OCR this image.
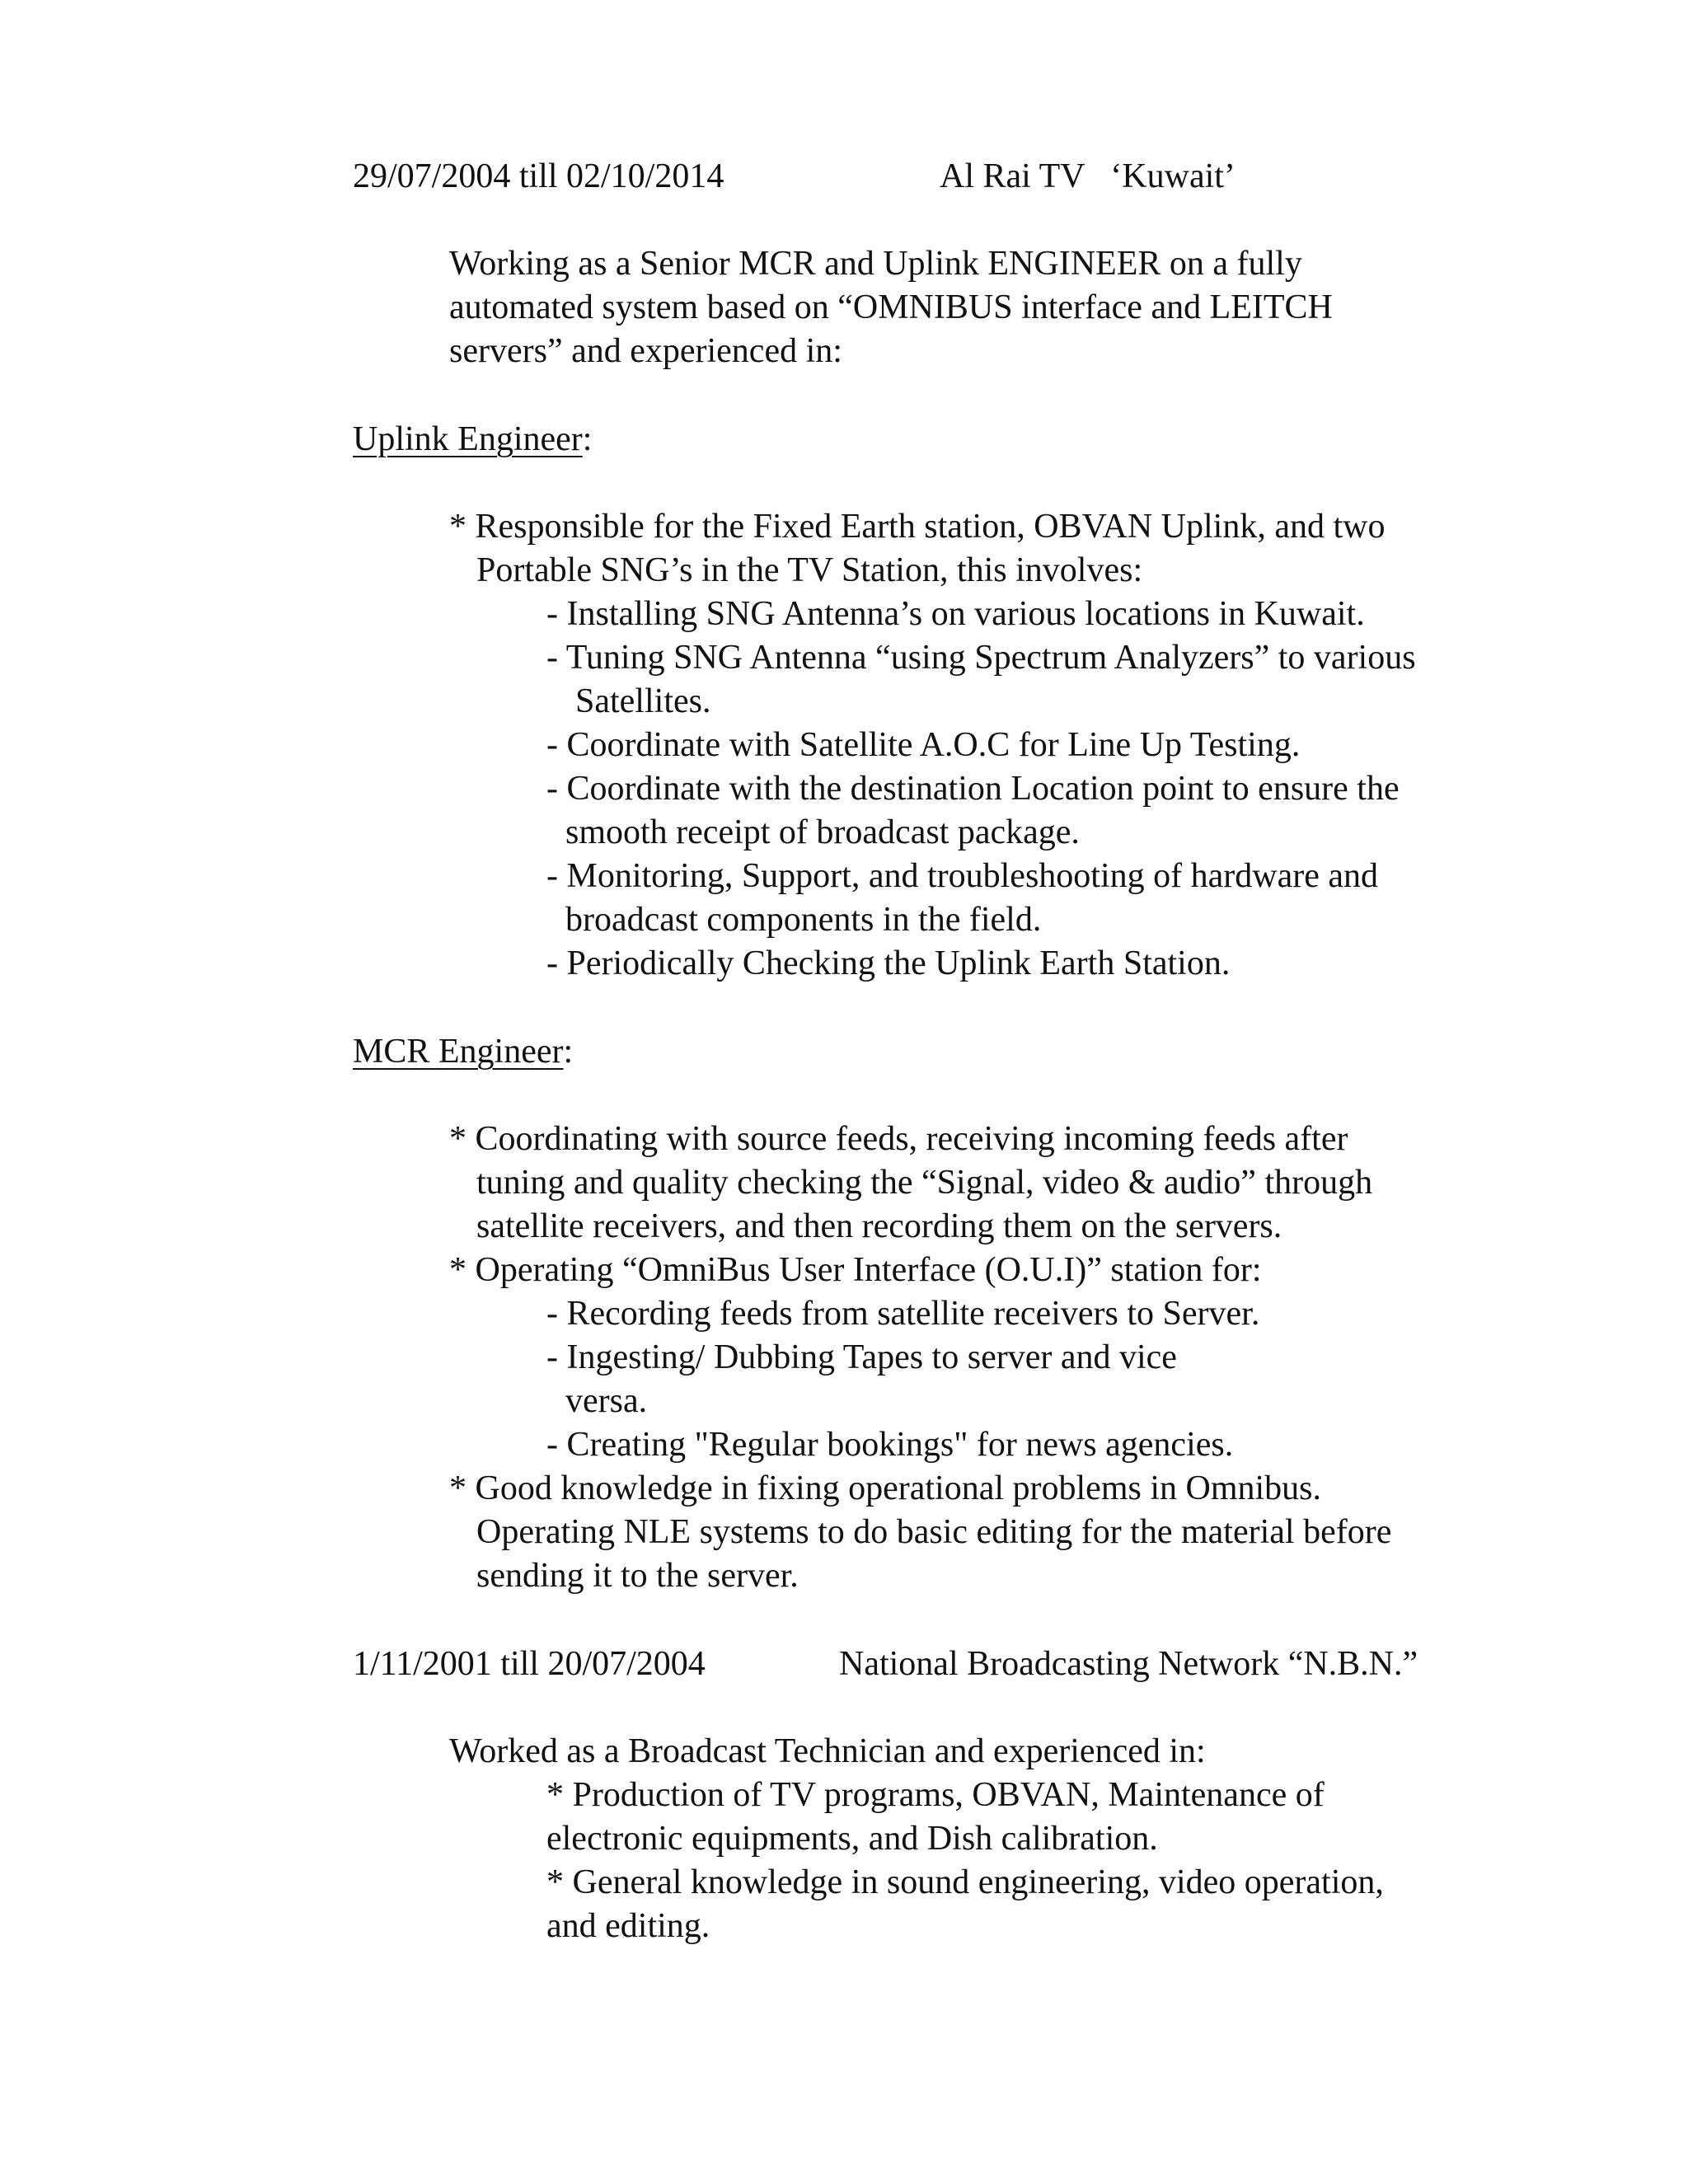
29/07/2004 till 02/10/2014	Al Rai TV   ‘Kuwait’
Working as a Senior MCR and Uplink ENGINEER on a fully
automated system based on “OMNIBUS interface and LEITCH
servers” and experienced in:
Uplink Engineer:
* Responsible for the Fixed Earth station, OBVAN Uplink, and two
Portable SNG’s in the TV Station, this involves:
- Installing SNG Antenna’s on various locations in Kuwait.
- Tuning SNG Antenna “using Spectrum Analyzers” to various
Satellites.
- Coordinate with Satellite A.O.C for Line Up Testing.
- Coordinate with the destination Location point to ensure the
smooth receipt of broadcast package.
- Monitoring, Support, and troubleshooting of hardware and
broadcast components in the field.
- Periodically Checking the Uplink Earth Station.
MCR Engineer:
* Coordinating with source feeds, receiving incoming feeds after
tuning and quality checking the “Signal, video & audio” through
satellite receivers, and then recording them on the servers.
* Operating “OmniBus User Interface (O.U.I)” station for:
- Recording feeds from satellite receivers to Server.
- Ingesting/ Dubbing Tapes to server and vice
versa.
- Creating "Regular bookings" for news agencies.
* Good knowledge in fixing operational problems in Omnibus.
Operating NLE systems to do basic editing for the material before
sending it to the server.
1/11/2001 till 20/07/2004	National Broadcasting Network “N.B.N.”
Worked as a Broadcast Technician and experienced in:
* Production of TV programs, OBVAN, Maintenance of
electronic equipments, and Dish calibration.
* General knowledge in sound engineering, video operation,
and editing.
